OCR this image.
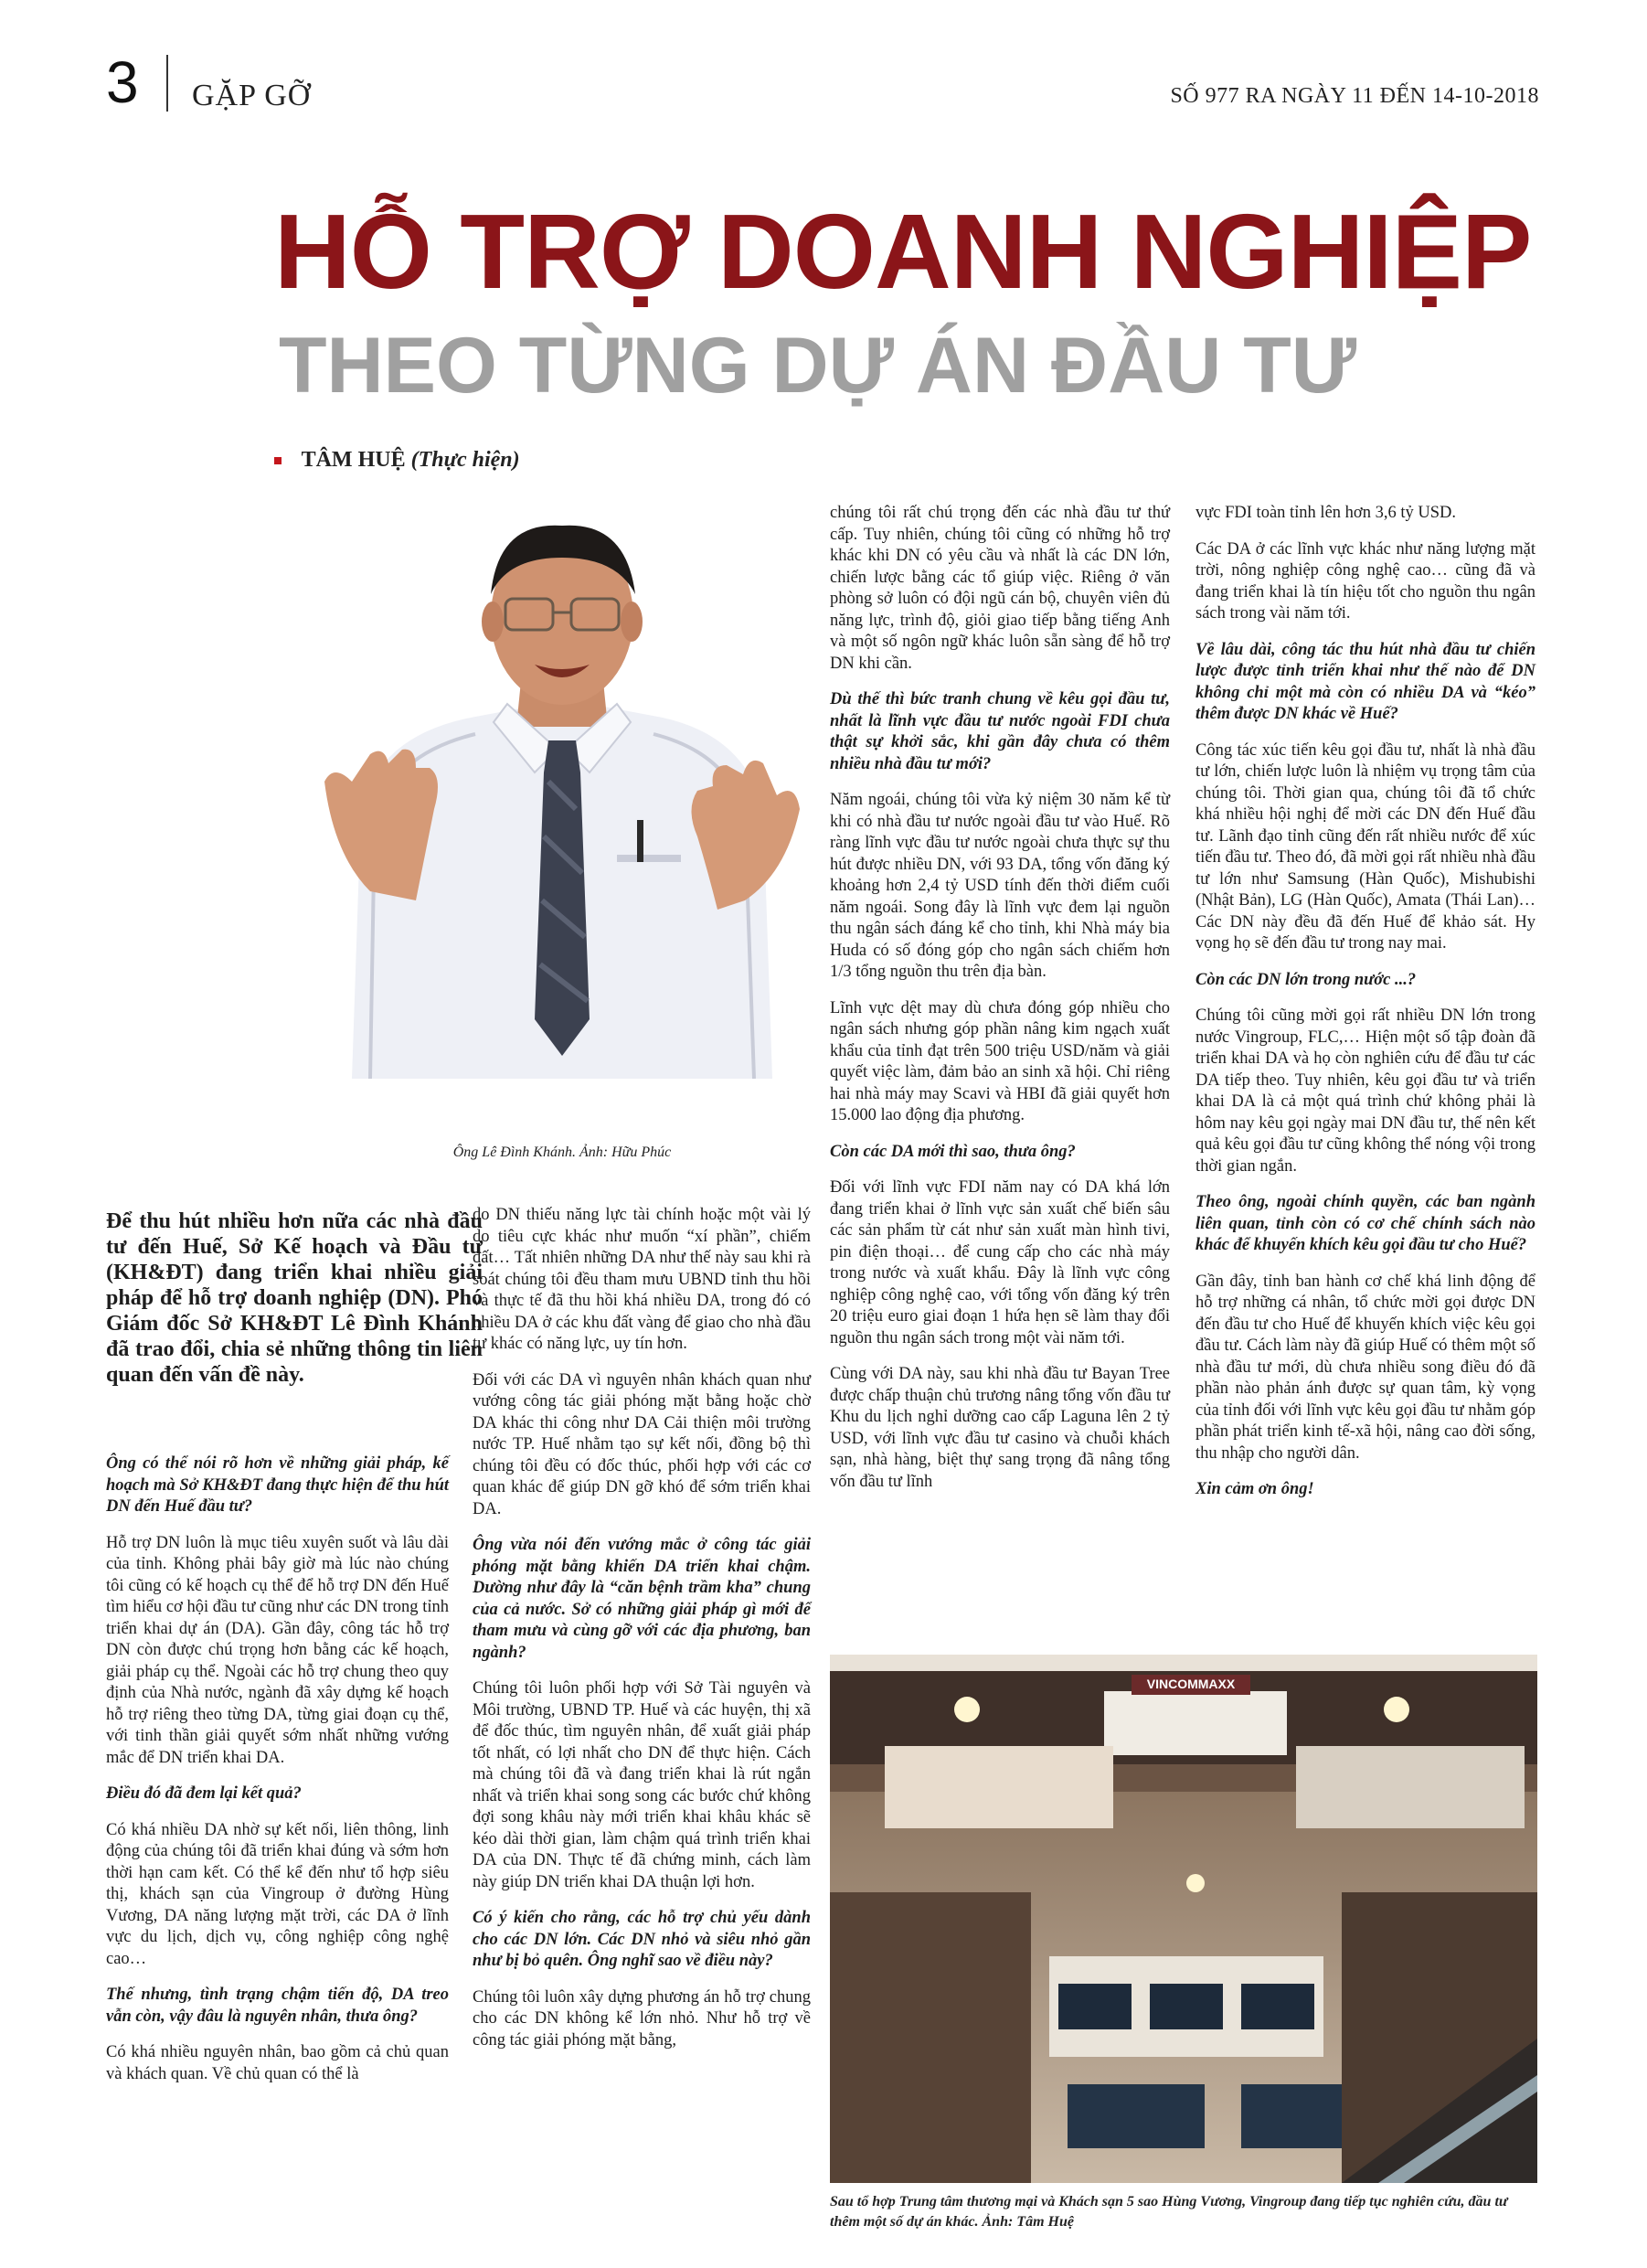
3 GẶP GỠ	SỐ 977 RA NGÀY 11 ĐẾN 14-10-2018
HỖ TRỢ DOANH NGHIỆP
THEO TỪNG DỰ ÁN ĐẦU TƯ
TÂM HUỆ (Thực hiện)
Ông Lê Đình Khánh. Ảnh: Hữu Phúc
Để thu hút nhiều hơn nữa các nhà đầu tư đến Huế, Sở Kế hoạch và Đầu tư (KH&ĐT) đang triển khai nhiều giải pháp để hỗ trợ doanh nghiệp (DN). Phó Giám đốc Sở KH&ĐT Lê Đình Khánh đã trao đổi, chia sẻ những thông tin liên quan đến vấn đề này.

Ông có thể nói rõ hơn về những giải pháp, kế hoạch mà Sở KH&ĐT đang thực hiện để thu hút DN đến Huế đầu tư?

Hỗ trợ DN luôn là mục tiêu xuyên suốt và lâu dài của tỉnh. Không phải bây giờ mà lúc nào chúng tôi cũng có kế hoạch cụ thể để hỗ trợ DN đến Huế tìm hiểu cơ hội đầu tư cũng như các DN trong tỉnh triển khai dự án (DA). Gần đây, công tác hỗ trợ DN còn được chú trọng hơn bằng các kế hoạch, giải pháp cụ thể. Ngoài các hỗ trợ chung theo quy định của Nhà nước, ngành đã xây dựng kế hoạch hỗ trợ riêng theo từng DA, từng giai đoạn cụ thể, với tinh thần giải quyết sớm nhất những vướng mắc để DN triển khai DA.

Điều đó đã đem lại kết quả?

Có khá nhiều DA nhờ sự kết nối, liên thông, linh động của chúng tôi đã triển khai đúng và sớm hơn thời hạn cam kết. Có thể kể đến như tổ hợp siêu thị, khách sạn của Vingroup ở đường Hùng Vương, DA năng lượng mặt trời, các DA ở lĩnh vực du lịch, dịch vụ, công nghiệp công nghệ cao…

Thế nhưng, tình trạng chậm tiến độ, DA treo vẫn còn, vậy đâu là nguyên nhân, thưa ông?

Có khá nhiều nguyên nhân, bao gồm cả chủ quan và khách quan. Về chủ quan có thể là

do DN thiếu năng lực tài chính hoặc một vài lý do tiêu cực khác như muốn “xí phần”, chiếm đất… Tất nhiên những DA như thế này sau khi rà soát chúng tôi đều tham mưu UBND tỉnh thu hồi và thực tế đã thu hồi khá nhiều DA, trong đó có nhiều DA ở các khu đất vàng để giao cho nhà đầu tư khác có năng lực, uy tín hơn.

Đối với các DA vì nguyên nhân khách quan như vướng công tác giải phóng mặt bằng hoặc chờ DA khác thi công như DA Cải thiện môi trường nước TP. Huế nhằm tạo sự kết nối, đồng bộ thì chúng tôi đều có đốc thúc, phối hợp với các cơ quan khác để giúp DN gỡ khó để sớm triển khai DA.

Ông vừa nói đến vướng mắc ở công tác giải phóng mặt bằng khiến DA triển khai chậm. Dường như đây là “căn bệnh trầm kha” chung của cả nước. Sở có những giải pháp gì mới để tham mưu và cùng gỡ với các địa phương, ban ngành?

Chúng tôi luôn phối hợp với Sở Tài nguyên và Môi trường, UBND TP. Huế và các huyện, thị xã để đốc thúc, tìm nguyên nhân, để xuất giải pháp tốt nhất, có lợi nhất cho DN để thực hiện. Cách mà chúng tôi đã và đang triển khai là rút ngắn nhất và triển khai song song các bước chứ không đợi song khâu này mới triển khai khâu khác sẽ kéo dài thời gian, làm chậm quá trình triển khai DA của DN. Thực tế đã chứng minh, cách làm này giúp DN triển khai DA thuận lợi hơn.

Có ý kiến cho rằng, các hỗ trợ chủ yếu dành cho các DN lớn. Các DN nhỏ và siêu nhỏ gần như bị bỏ quên. Ông nghĩ sao về điều này?

Chúng tôi luôn xây dựng phương án hỗ trợ chung cho các DN không kể lớn nhỏ. Như hỗ trợ về công tác giải phóng mặt bằng,

chúng tôi rất chú trọng đến các nhà đầu tư thứ cấp. Tuy nhiên, chúng tôi cũng có những hỗ trợ khác khi DN có yêu cầu và nhất là các DN lớn, chiến lược bằng các tổ giúp việc. Riêng ở văn phòng sở luôn có đội ngũ cán bộ, chuyên viên đủ năng lực, trình độ, giỏi giao tiếp bằng tiếng Anh và một số ngôn ngữ khác luôn sẵn sàng để hỗ trợ DN khi cần.

Dù thế thì bức tranh chung về kêu gọi đầu tư, nhất là lĩnh vực đầu tư nước ngoài FDI chưa thật sự khởi sắc, khi gần đây chưa có thêm nhiều nhà đầu tư mới?

Năm ngoái, chúng tôi vừa kỷ niệm 30 năm kể từ khi có nhà đầu tư nước ngoài đầu tư vào Huế. Rõ ràng lĩnh vực đầu tư nước ngoài chưa thực sự thu hút được nhiều DN, với 93 DA, tổng vốn đăng ký khoảng hơn 2,4 tỷ USD tính đến thời điểm cuối năm ngoái. Song đây là lĩnh vực đem lại nguồn thu ngân sách đáng kể cho tỉnh, khi Nhà máy bia Huda có số đóng góp cho ngân sách chiếm hơn 1/3 tổng nguồn thu trên địa bàn.

Lĩnh vực dệt may dù chưa đóng góp nhiều cho ngân sách nhưng góp phần nâng kim ngạch xuất khẩu của tỉnh đạt trên 500 triệu USD/năm và giải quyết việc làm, đảm bảo an sinh xã hội. Chỉ riêng hai nhà máy may Scavi và HBI đã giải quyết hơn 15.000 lao động địa phương.

Còn các DA mới thì sao, thưa ông?

Đối với lĩnh vực FDI năm nay có DA khá lớn đang triển khai ở lĩnh vực sản xuất chế biến sâu các sản phẩm từ cát như sản xuất màn hình tivi, pin điện thoại… để cung cấp cho các nhà máy trong nước và xuất khẩu. Đây là lĩnh vực công nghiệp công nghệ cao, với tổng vốn đăng ký trên 20 triệu euro giai đoạn 1 hứa hẹn sẽ làm thay đổi nguồn thu ngân sách trong một vài năm tới.

Cùng với DA này, sau khi nhà đầu tư Bayan Tree được chấp thuận chủ trương nâng tổng vốn đầu tư Khu du lịch nghỉ dưỡng cao cấp Laguna lên 2 tỷ USD, với lĩnh vực đầu tư casino và chuỗi khách sạn, nhà hàng, biệt thự sang trọng đã nâng tổng vốn đầu tư lĩnh

vực FDI toàn tỉnh lên hơn 3,6 tỷ USD.

Các DA ở các lĩnh vực khác như năng lượng mặt trời, nông nghiệp công nghệ cao… cũng đã và đang triển khai là tín hiệu tốt cho nguồn thu ngân sách trong vài năm tới.

Về lâu dài, công tác thu hút nhà đầu tư chiến lược được tỉnh triển khai như thế nào để DN không chỉ một mà còn có nhiều DA và “kéo” thêm được DN khác về Huế?

Công tác xúc tiến kêu gọi đầu tư, nhất là nhà đầu tư lớn, chiến lược luôn là nhiệm vụ trọng tâm của chúng tôi. Thời gian qua, chúng tôi đã tổ chức khá nhiều hội nghị để mời các DN đến Huế đầu tư. Lãnh đạo tỉnh cũng đến rất nhiều nước để xúc tiến đầu tư. Theo đó, đã mời gọi rất nhiều nhà đầu tư lớn như Samsung (Hàn Quốc), Mishubishi (Nhật Bản), LG (Hàn Quốc), Amata (Thái Lan)… Các DN này đều đã đến Huế để khảo sát. Hy vọng họ sẽ đến đầu tư trong nay mai.

Còn các DN lớn trong nước ...?

Chúng tôi cũng mời gọi rất nhiều DN lớn trong nước Vingroup, FLC,… Hiện một số tập đoàn đã triển khai DA và họ còn nghiên cứu để đầu tư các DA tiếp theo. Tuy nhiên, kêu gọi đầu tư và triển khai DA là cả một quá trình chứ không phải là hôm nay kêu gọi ngày mai DN đầu tư, thế nên kết quả kêu gọi đầu tư cũng không thể nóng vội trong thời gian ngắn.

Theo ông, ngoài chính quyền, các ban ngành liên quan, tỉnh còn có cơ chế chính sách nào khác để khuyến khích kêu gọi đầu tư cho Huế?

Gần đây, tỉnh ban hành cơ chế khá linh động để hỗ trợ những cá nhân, tổ chức mời gọi được DN đến đầu tư cho Huế để khuyến khích việc kêu gọi đầu tư. Cách làm này đã giúp Huế có thêm một số nhà đầu tư mới, dù chưa nhiều song điều đó đã phần nào phản ánh được sự quan tâm, kỳ vọng của tỉnh đối với lĩnh vực kêu gọi đầu tư nhằm góp phần phát triển kinh tế-xã hội, nâng cao đời sống, thu nhập cho người dân.

Xin cảm ơn ông!

VINCOMMAXX
Sau tổ hợp Trung tâm thương mại và Khách sạn 5 sao Hùng Vương, Vingroup đang tiếp tục nghiên cứu, đầu tư thêm một số dự án khác. Ảnh: Tâm Huệ
